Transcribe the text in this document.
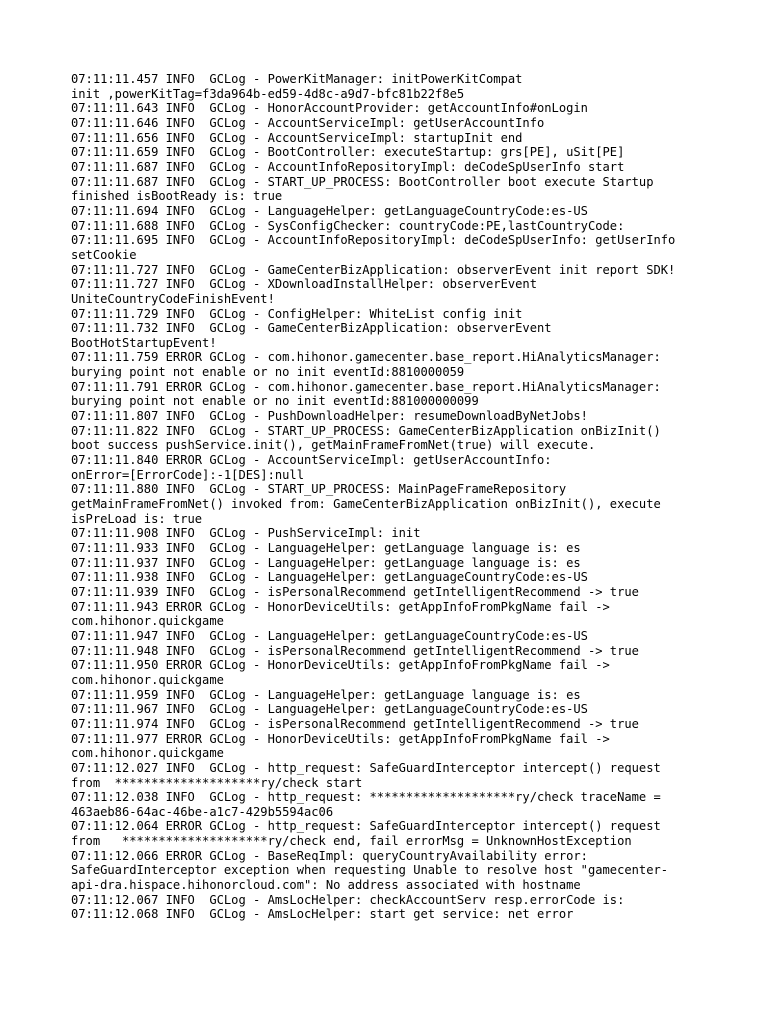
07:11:11.457 INFO  GCLog - PowerKitManager: initPowerKitCompat
init ,powerKitTag=f3da964b-ed59-4d8c-a9d7-bfc81b22f8e5
07:11:11.643 INFO  GCLog - HonorAccountProvider: getAccountInfo#onLogin
07:11:11.646 INFO  GCLog - AccountServiceImpl: getUserAccountInfo
07:11:11.656 INFO  GCLog - AccountServiceImpl: startupInit end
07:11:11.659 INFO  GCLog - BootController: executeStartup: grs[PE], uSit[PE]
07:11:11.687 INFO  GCLog - AccountInfoRepositoryImpl: deCodeSpUserInfo start
07:11:11.687 INFO  GCLog - START_UP_PROCESS: BootController boot execute Startup
finished isBootReady is: true
07:11:11.694 INFO  GCLog - LanguageHelper: getLanguageCountryCode:es-US
07:11:11.688 INFO  GCLog - SysConfigChecker: countryCode:PE,lastCountryCode:
07:11:11.695 INFO  GCLog - AccountInfoRepositoryImpl: deCodeSpUserInfo: getUserInfo
setCookie
07:11:11.727 INFO  GCLog - GameCenterBizApplication: observerEvent init report SDK!
07:11:11.727 INFO  GCLog - XDownloadInstallHelper: observerEvent
UniteCountryCodeFinishEvent!
07:11:11.729 INFO  GCLog - ConfigHelper: WhiteList config init
07:11:11.732 INFO  GCLog - GameCenterBizApplication: observerEvent
BootHotStartupEvent!
07:11:11.759 ERROR GCLog - com.hihonor.gamecenter.base_report.HiAnalyticsManager:
burying point not enable or no init eventId:8810000059
07:11:11.791 ERROR GCLog - com.hihonor.gamecenter.base_report.HiAnalyticsManager:
burying point not enable or no init eventId:881000000099
07:11:11.807 INFO  GCLog - PushDownloadHelper: resumeDownloadByNetJobs!
07:11:11.822 INFO  GCLog - START_UP_PROCESS: GameCenterBizApplication onBizInit()
boot success pushService.init(), getMainFrameFromNet(true) will execute.
07:11:11.840 ERROR GCLog - AccountServiceImpl: getUserAccountInfo:
onError=[ErrorCode]:-1[DES]:null
07:11:11.880 INFO  GCLog - START_UP_PROCESS: MainPageFrameRepository
getMainFrameFromNet() invoked from: GameCenterBizApplication onBizInit(), execute
isPreLoad is: true
07:11:11.908 INFO  GCLog - PushServiceImpl: init
07:11:11.933 INFO  GCLog - LanguageHelper: getLanguage language is: es
07:11:11.937 INFO  GCLog - LanguageHelper: getLanguage language is: es
07:11:11.938 INFO  GCLog - LanguageHelper: getLanguageCountryCode:es-US
07:11:11.939 INFO  GCLog - isPersonalRecommend getIntelligentRecommend -> true
07:11:11.943 ERROR GCLog - HonorDeviceUtils: getAppInfoFromPkgName fail ->
com.hihonor.quickgame
07:11:11.947 INFO  GCLog - LanguageHelper: getLanguageCountryCode:es-US
07:11:11.948 INFO  GCLog - isPersonalRecommend getIntelligentRecommend -> true
07:11:11.950 ERROR GCLog - HonorDeviceUtils: getAppInfoFromPkgName fail ->
com.hihonor.quickgame
07:11:11.959 INFO  GCLog - LanguageHelper: getLanguage language is: es
07:11:11.967 INFO  GCLog - LanguageHelper: getLanguageCountryCode:es-US
07:11:11.974 INFO  GCLog - isPersonalRecommend getIntelligentRecommend -> true
07:11:11.977 ERROR GCLog - HonorDeviceUtils: getAppInfoFromPkgName fail ->
com.hihonor.quickgame
07:11:12.027 INFO  GCLog - http_request: SafeGuardInterceptor intercept() request
from  ********************ry/check start
07:11:12.038 INFO  GCLog - http_request: ********************ry/check traceName =
463aeb86-64ac-46be-a1c7-429b5594ac06
07:11:12.064 ERROR GCLog - http_request: SafeGuardInterceptor intercept() request
from   ********************ry/check end, fail errorMsg = UnknownHostException
07:11:12.066 ERROR GCLog - BaseReqImpl: queryCountryAvailability error:
SafeGuardInterceptor exception when requesting Unable to resolve host "gamecenter-
api-dra.hispace.hihonorcloud.com": No address associated with hostname
07:11:12.067 INFO  GCLog - AmsLocHelper: checkAccountServ resp.errorCode is:
07:11:12.068 INFO  GCLog - AmsLocHelper: start get service: net error
